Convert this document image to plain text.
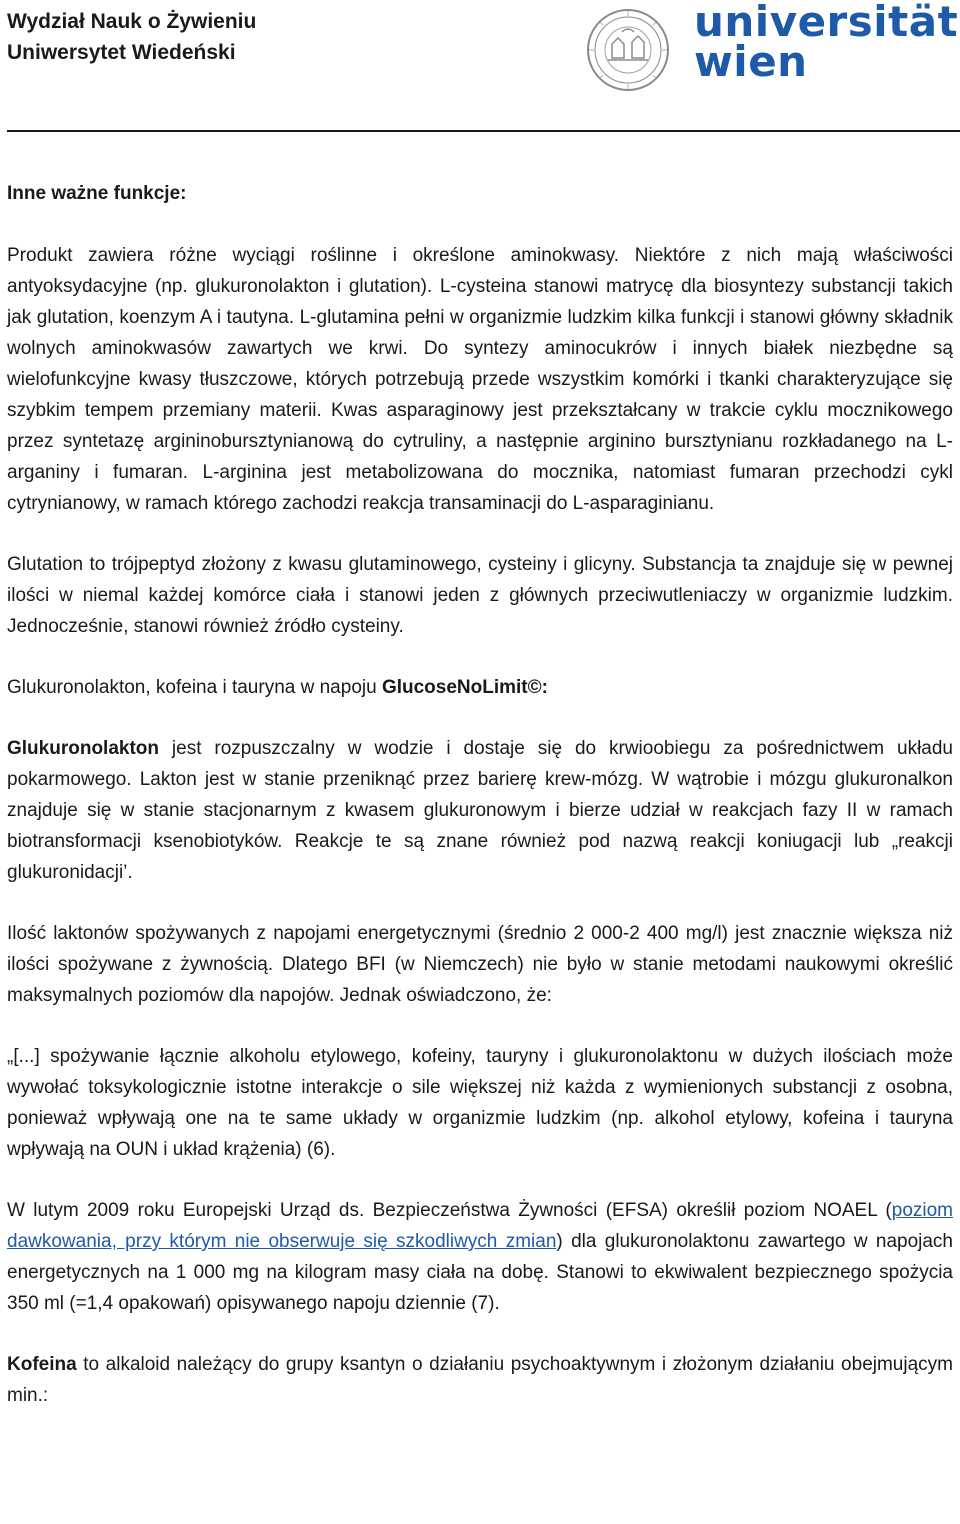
Wydział Nauk o Żywieniu
Uniwersytet Wiedeński
universität
wien
Inne ważne funkcje:

Produkt zawiera różne wyciągi roślinne i określone aminokwasy. Niektóre z nich mają właściwości antyoksydacyjne (np. glukuronolakton i glutation). L-cysteina stanowi matrycę dla biosyntezy substancji takich jak glutation, koenzym A i tautyna. L-glutamina pełni w organizmie ludzkim kilka funkcji i stanowi główny składnik wolnych aminokwasów zawartych we krwi. Do syntezy aminocukrów i innych białek niezbędne są wielofunkcyjne kwasy tłuszczowe, których potrzebują przede wszystkim komórki i tkanki charakteryzujące się szybkim tempem przemiany materii. Kwas asparaginowy jest przekształcany w trakcie cyklu mocznikowego przez syntetazę argininobursztynianową do cytruliny, a następnie arginino bursztynianu rozkładanego na L-arganiny i fumaran. L-arginina jest metabolizowana do mocznika, natomiast fumaran przechodzi cykl cytrynianowy, w ramach którego zachodzi reakcja transaminacji do L-asparaginianu.

Glutation to trójpeptyd złożony z kwasu glutaminowego, cysteiny i glicyny. Substancja ta znajduje się w pewnej ilości w niemal każdej komórce ciała i stanowi jeden z głównych przeciwutleniaczy w organizmie ludzkim. Jednocześnie, stanowi również źródło cysteiny.

Glukuronolakton, kofeina i tauryna w napoju GlucoseNoLimit©:

Glukuronolakton jest rozpuszczalny w wodzie i dostaje się do krwioobiegu za pośrednictwem układu pokarmowego. Lakton jest w stanie przeniknąć przez barierę krew-mózg. W wątrobie i mózgu glukuronalkon znajduje się w stanie stacjonarnym z kwasem glukuronowym i bierze udział w reakcjach fazy II w ramach biotransformacji ksenobiotyków. Reakcje te są znane również pod nazwą reakcji koniugacji lub „reakcji glukuronidacji’.

Ilość laktonów spożywanych z napojami energetycznymi (średnio 2 000-2 400 mg/l) jest znacznie większa niż ilości spożywane z żywnością. Dlatego BFI (w Niemczech) nie było w stanie metodami naukowymi określić maksymalnych poziomów dla napojów. Jednak oświadczono, że:

„[...] spożywanie łącznie alkoholu etylowego, kofeiny, tauryny i glukuronolaktonu w dużych ilościach może wywołać toksykologicznie istotne interakcje o sile większej niż każda z wymienionych substancji z osobna, ponieważ wpływają one na te same układy w organizmie ludzkim (np. alkohol etylowy, kofeina i tauryna wpływają na OUN i układ krążenia) (6).

W lutym 2009 roku Europejski Urząd ds. Bezpieczeństwa Żywności (EFSA) określił poziom NOAEL (poziom dawkowania, przy którym nie obserwuje się szkodliwych zmian) dla glukuronolaktonu zawartego w napojach energetycznych na 1 000 mg na kilogram masy ciała na dobę. Stanowi to ekwiwalent bezpiecznego spożycia 350 ml (=1,4 opakowań) opisywanego napoju dziennie (7).

Kofeina to alkaloid należący do grupy ksantyn o działaniu psychoaktywnym i złożonym działaniu obejmującym min.:
